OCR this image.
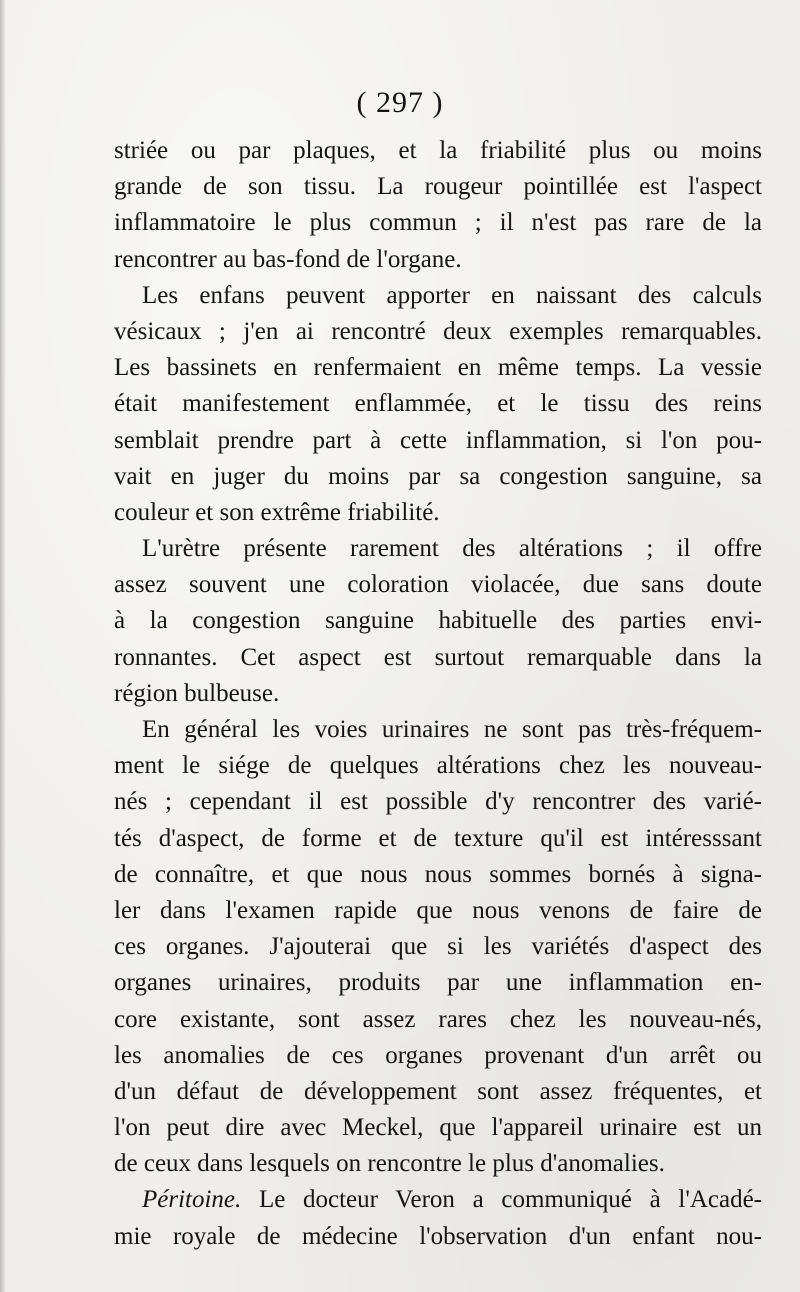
( 297 )
striée ou par plaques, et la friabilité plus ou moins
grande de son tissu. La rougeur pointillée est l'aspect
inflammatoire le plus commun ; il n'est pas rare de la
rencontrer au bas-fond de l'organe.
Les enfans peuvent apporter en naissant des calculs
vésicaux ; j'en ai rencontré deux exemples remarquables.
Les bassinets en renfermaient en même temps. La vessie
était manifestement enflammée, et le tissu des reins
semblait prendre part à cette inflammation, si l'on pou-
vait en juger du moins par sa congestion sanguine, sa
couleur et son extrême friabilité.
L'urètre présente rarement des altérations ; il offre
assez souvent une coloration violacée, due sans doute
à la congestion sanguine habituelle des parties envi-
ronnantes. Cet aspect est surtout remarquable dans la
région bulbeuse.
En général les voies urinaires ne sont pas très-fréquem-
ment le siége de quelques altérations chez les nouveau-
nés ; cependant il est possible d'y rencontrer des varié-
tés d'aspect, de forme et de texture qu'il est intéresssant
de connaître, et que nous nous sommes bornés à signa-
ler dans l'examen rapide que nous venons de faire de
ces organes. J'ajouterai que si les variétés d'aspect des
organes urinaires, produits par une inflammation en-
core existante, sont assez rares chez les nouveau-nés,
les anomalies de ces organes provenant d'un arrêt ou
d'un défaut de développement sont assez fréquentes, et
l'on peut dire avec Meckel, que l'appareil urinaire est un
de ceux dans lesquels on rencontre le plus d'anomalies.
Péritoine. Le docteur Veron a communiqué à l'Acadé-
mie royale de médecine l'observation d'un enfant nou-
